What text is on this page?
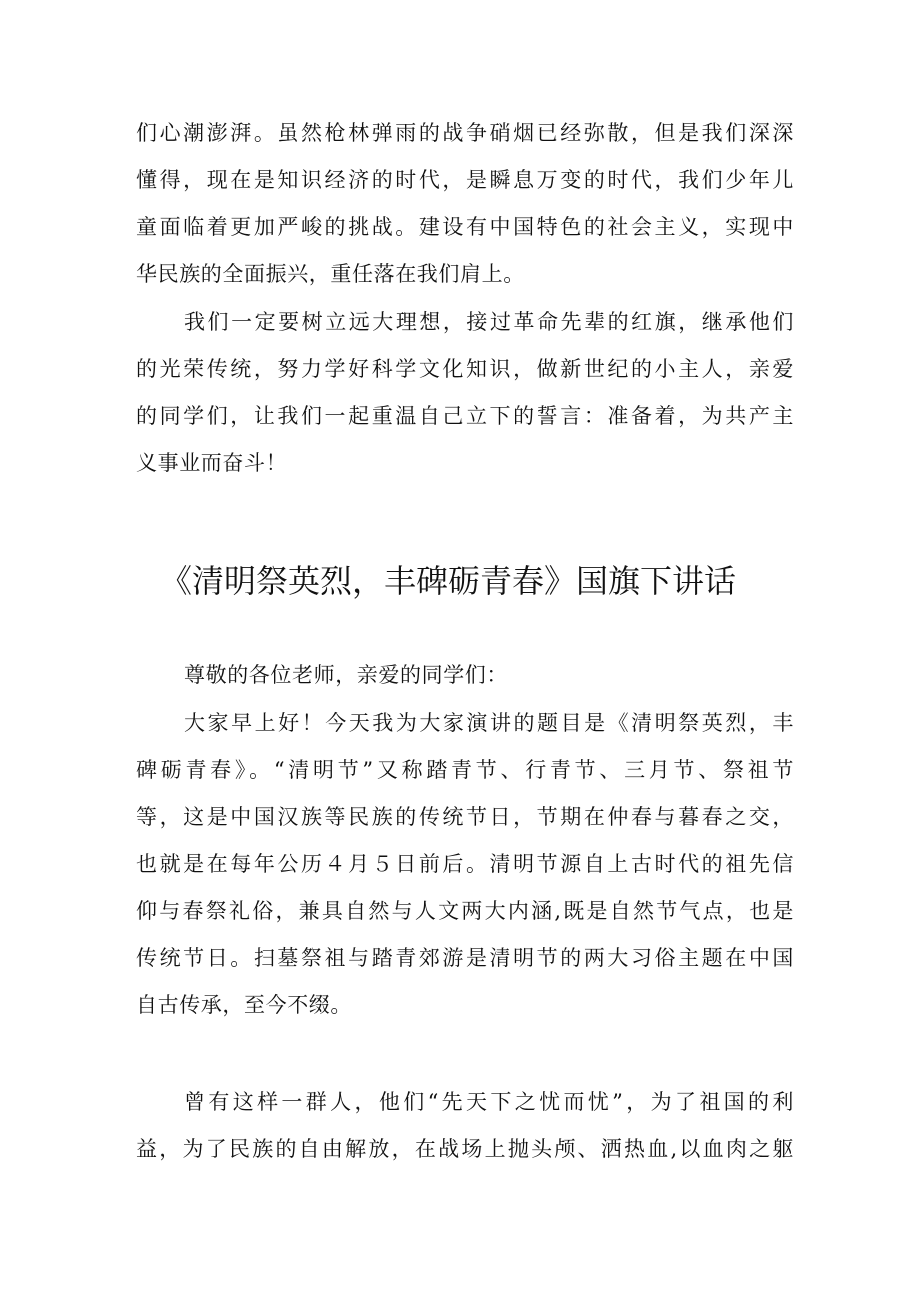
们心潮澎湃。虽然枪林弹雨的战争硝烟已经弥散，但是我们深深
懂得，现在是知识经济的时代，是瞬息万变的时代，我们少年儿
童面临着更加严峻的挑战。建设有中国特色的社会主义，实现中
华民族的全面振兴，重任落在我们肩上。
我们一定要树立远大理想，接过革命先辈的红旗，继承他们
的光荣传统，努力学好科学文化知识，做新世纪的小主人，亲爱
的同学们，让我们一起重温自己立下的誓言：准备着，为共产主
义事业而奋斗！
《清明祭英烈，丰碑砺青春》国旗下讲话
尊敬的各位老师，亲爱的同学们：
大家早上好！今天我为大家演讲的题目是《清明祭英烈，丰
碑砺青春》。“清明节”又称踏青节、行青节、三月节、祭祖节
等，这是中国汉族等民族的传统节日，节期在仲春与暮春之交，
也就是在每年公历４月５日前后。清明节源自上古时代的祖先信
仰与春祭礼俗，兼具自然与人文两大内涵,既是自然节气点，也是
传统节日。扫墓祭祖与踏青郊游是清明节的两大习俗主题在中国
自古传承，至今不缀。
曾有这样一群人，他们“先天下之忧而忧”，为了祖国的利
益，为了民族的自由解放，在战场上抛头颅、洒热血,以血肉之躯
